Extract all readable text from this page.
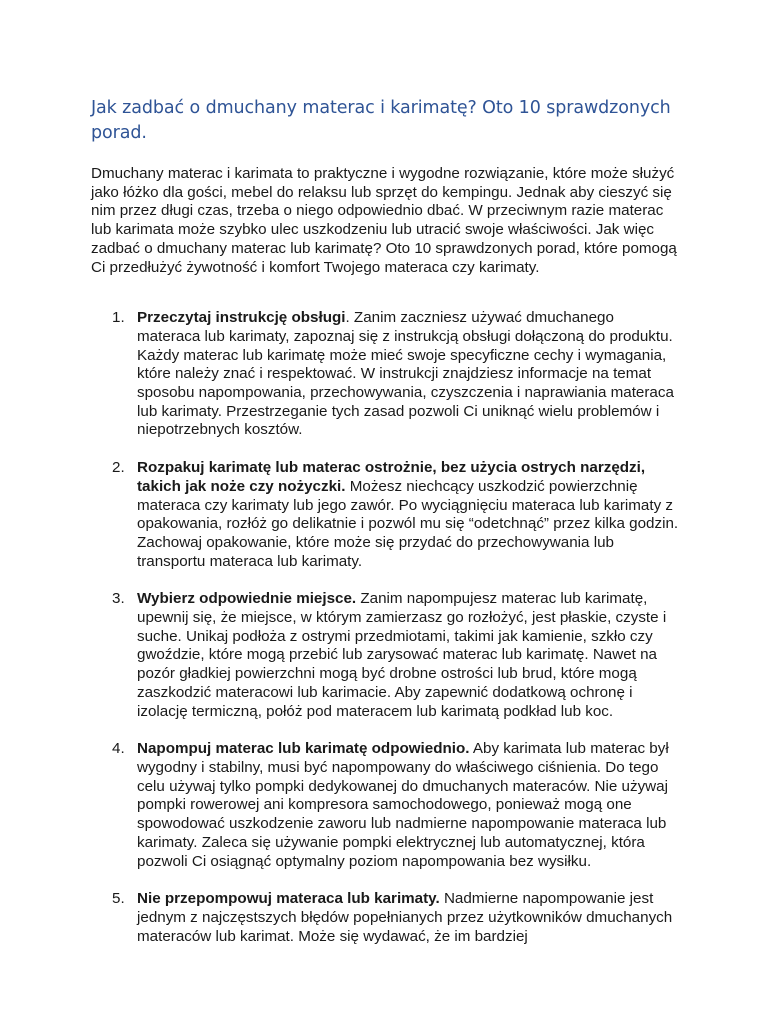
Jak zadbać o dmuchany materac i karimatę? Oto 10 sprawdzonych porad.

Dmuchany materac i karimata to praktyczne i wygodne rozwiązanie, które może służyć jako łóżko dla gości, mebel do relaksu lub sprzęt do kempingu. Jednak aby cieszyć się nim przez długi czas, trzeba o niego odpowiednio dbać. W przeciwnym razie materac lub karimata może szybko ulec uszkodzeniu lub utracić swoje właściwości. Jak więc zadbać o dmuchany materac lub karimatę? Oto 10 sprawdzonych porad, które pomogą Ci przedłużyć żywotność i komfort Twojego materaca czy karimaty.

1. Przeczytaj instrukcję obsługi. Zanim zaczniesz używać dmuchanego materaca lub karimaty, zapoznaj się z instrukcją obsługi dołączoną do produktu. Każdy materac lub karimatę może mieć swoje specyficzne cechy i wymagania, które należy znać i respektować. W instrukcji znajdziesz informacje na temat sposobu napompowania, przechowywania, czyszczenia i naprawiania materaca lub karimaty. Przestrzeganie tych zasad pozwoli Ci uniknąć wielu problemów i niepotrzebnych kosztów.
2. Rozpakuj karimatę lub materac ostrożnie, bez użycia ostrych narzędzi, takich jak noże czy nożyczki. Możesz niechcący uszkodzić powierzchnię materaca czy karimaty lub jego zawór. Po wyciągnięciu materaca lub karimaty z opakowania, rozłóż go delikatnie i pozwól mu się “odetchnąć” przez kilka godzin. Zachowaj opakowanie, które może się przydać do przechowywania lub transportu materaca lub karimaty.
3. Wybierz odpowiednie miejsce. Zanim napompujesz materac lub karimatę, upewnij się, że miejsce, w którym zamierzasz go rozłożyć, jest płaskie, czyste i suche. Unikaj podłoża z ostrymi przedmiotami, takimi jak kamienie, szkło czy gwoździe, które mogą przebić lub zarysować materac lub karimatę. Nawet na pozór gładkiej powierzchni mogą być drobne ostrości lub brud, które mogą zaszkodzić materacowi lub karimacie. Aby zapewnić dodatkową ochronę i izolację termiczną, połóż pod materacem lub karimatą podkład lub koc.
4. Napompuj materac lub karimatę odpowiednio. Aby karimata lub materac był wygodny i stabilny, musi być napompowany do właściwego ciśnienia. Do tego celu używaj tylko pompki dedykowanej do dmuchanych materaców. Nie używaj pompki rowerowej ani kompresora samochodowego, ponieważ mogą one spowodować uszkodzenie zaworu lub nadmierne napompowanie materaca lub karimaty. Zaleca się używanie pompki elektrycznej lub automatycznej, która pozwoli Ci osiągnąć optymalny poziom napompowania bez wysiłku.
5. Nie przepompowuj materaca lub karimaty. Nadmierne napompowanie jest jednym z najczęstszych błędów popełnianych przez użytkowników dmuchanych materaców lub karimat. Może się wydawać, że im bardziej
